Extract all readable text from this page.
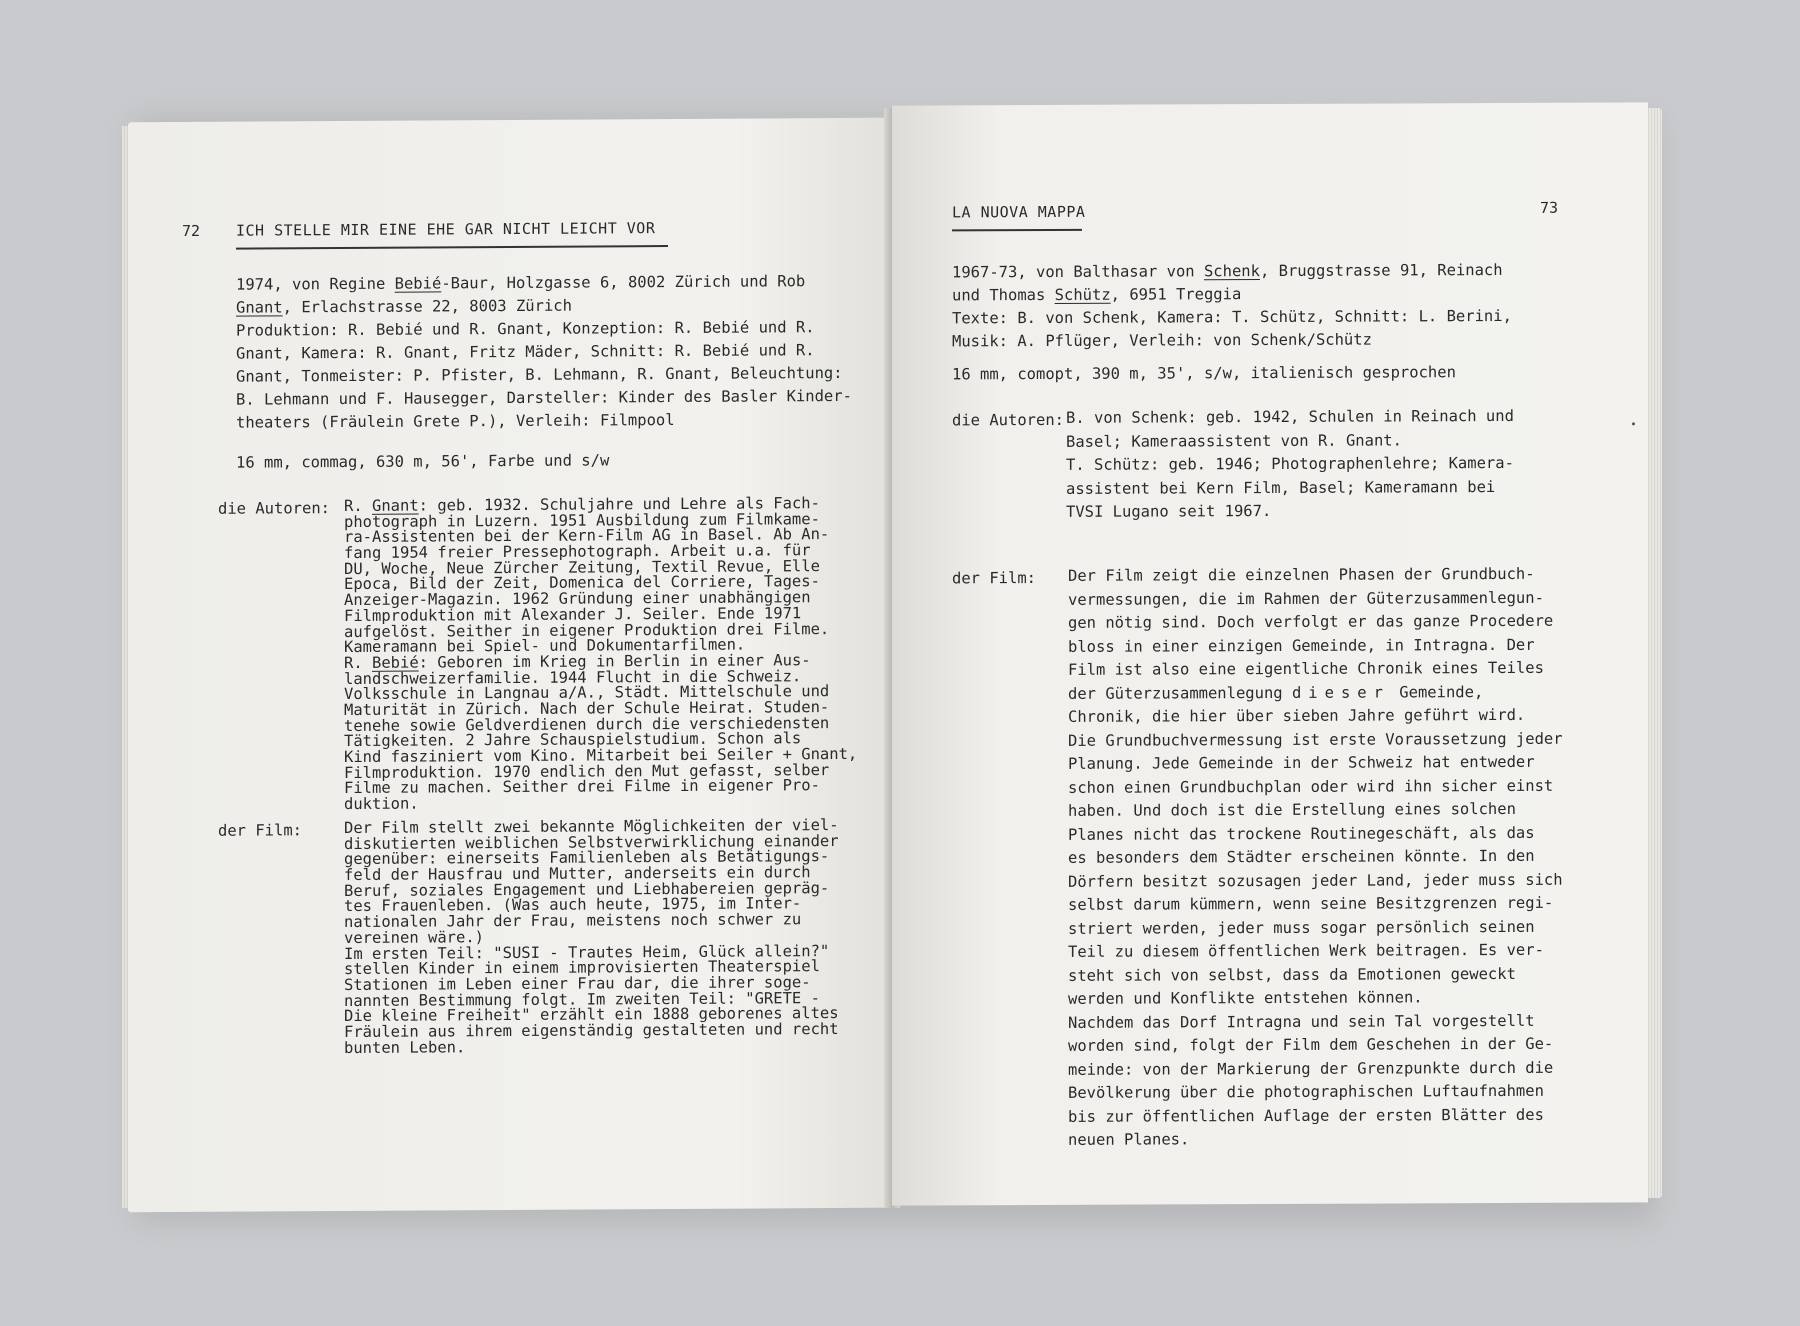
72 ICH STELLE MIR EINE EHE GAR NICHT LEICHT VOR
1974, von Regine Bebié-Baur, Holzgasse 6, 8002 Zürich und Rob
Gnant, Erlachstrasse 22, 8003 Zürich
Produktion: R. Bebié und R. Gnant, Konzeption: R. Bebié und R.
Gnant, Kamera: R. Gnant, Fritz Mäder, Schnitt: R. Bebié und R.
Gnant, Tonmeister: P. Pfister, B. Lehmann, R. Gnant, Beleuchtung:
B. Lehmann und F. Hausegger, Darsteller: Kinder des Basler Kinder-
theaters (Fräulein Grete P.), Verleih: Filmpool
16 mm, commag, 630 m, 56', Farbe und s/w
die Autoren: R. Gnant: geb. 1932. Schuljahre und Lehre als Fach-
photograph in Luzern. 1951 Ausbildung zum Filmkame-
ra-Assistenten bei der Kern-Film AG in Basel. Ab An-
fang 1954 freier Pressephotograph. Arbeit u.a. für
DU, Woche, Neue Zürcher Zeitung, Textil Revue, Elle
Epoca, Bild der Zeit, Domenica del Corriere, Tages-
Anzeiger-Magazin. 1962 Gründung einer unabhängigen
Filmproduktion mit Alexander J. Seiler. Ende 1971
aufgelöst. Seither in eigener Produktion drei Filme.
Kameramann bei Spiel- und Dokumentarfilmen.
R. Bebié: Geboren im Krieg in Berlin in einer Aus-
landschweizerfamilie. 1944 Flucht in die Schweiz.
Volksschule in Langnau a/A., Städt. Mittelschule und
Maturität in Zürich. Nach der Schule Heirat. Studen-
tenehe sowie Geldverdienen durch die verschiedensten
Tätigkeiten. 2 Jahre Schauspielstudium. Schon als
Kind fasziniert vom Kino. Mitarbeit bei Seiler + Gnant,
Filmproduktion. 1970 endlich den Mut gefasst, selber
Filme zu machen. Seither drei Filme in eigener Pro-
duktion.
der Film:	Der Film stellt zwei bekannte Möglichkeiten der viel-
diskutierten weiblichen Selbstverwirklichung einander
gegenüber: einerseits Familienleben als Betätigungs-
feld der Hausfrau und Mutter, anderseits ein durch
Beruf, soziales Engagement und Liebhabereien gepräg-
tes Frauenleben. (Was auch heute, 1975, im Inter-
nationalen Jahr der Frau, meistens noch schwer zu
vereinen wäre.)
Im ersten Teil: "SUSI - Trautes Heim, Glück allein?"
stellen Kinder in einem improvisierten Theaterspiel
Stationen im Leben einer Frau dar, die ihrer soge-
nannten Bestimmung folgt. Im zweiten Teil: "GRETE -
Die kleine Freiheit" erzählt ein 1888 geborenes altes
Fräulein aus ihrem eigenständig gestalteten und recht
bunten Leben.
LA NUOVA MAPPA	73
1967-73, von Balthasar von Schenk, Bruggstrasse 91, Reinach
und Thomas Schütz, 6951 Treggia
Texte: B. von Schenk, Kamera: T. Schütz, Schnitt: L. Berini,
Musik: A. Pflüger, Verleih: von Schenk/Schütz
16 mm, comopt, 390 m, 35', s/w, italienisch gesprochen
die Autoren: B. von Schenk: geb. 1942, Schulen in Reinach und
Basel; Kameraassistent von R. Gnant.
T. Schütz: geb. 1946; Photographenlehre; Kamera-
assistent bei Kern Film, Basel; Kameramann bei
TVSI Lugano seit 1967.
der Film: Der Film zeigt die einzelnen Phasen der Grundbuch-
vermessungen, die im Rahmen der Güterzusammenlegun-
gen nötig sind. Doch verfolgt er das ganze Procedere
bloss in einer einzigen Gemeinde, in Intragna. Der
Film ist also eine eigentliche Chronik eines Teiles
der Güterzusammenlegung dieser Gemeinde,
Chronik, die hier über sieben Jahre geführt wird.
Die Grundbuchvermessung ist erste Voraussetzung jeder
Planung. Jede Gemeinde in der Schweiz hat entweder
schon einen Grundbuchplan oder wird ihn sicher einst
haben. Und doch ist die Erstellung eines solchen
Planes nicht das trockene Routinegeschäft, als das
es besonders dem Städter erscheinen könnte. In den
Dörfern besitzt sozusagen jeder Land, jeder muss sich
selbst darum kümmern, wenn seine Besitzgrenzen regi-
striert werden, jeder muss sogar persönlich seinen
Teil zu diesem öffentlichen Werk beitragen. Es ver-
steht sich von selbst, dass da Emotionen geweckt
werden und Konflikte entstehen können.
Nachdem das Dorf Intragna und sein Tal vorgestellt
worden sind, folgt der Film dem Geschehen in der Ge-
meinde: von der Markierung der Grenzpunkte durch die
Bevölkerung über die photographischen Luftaufnahmen
bis zur öffentlichen Auflage der ersten Blätter des
neuen Planes.
